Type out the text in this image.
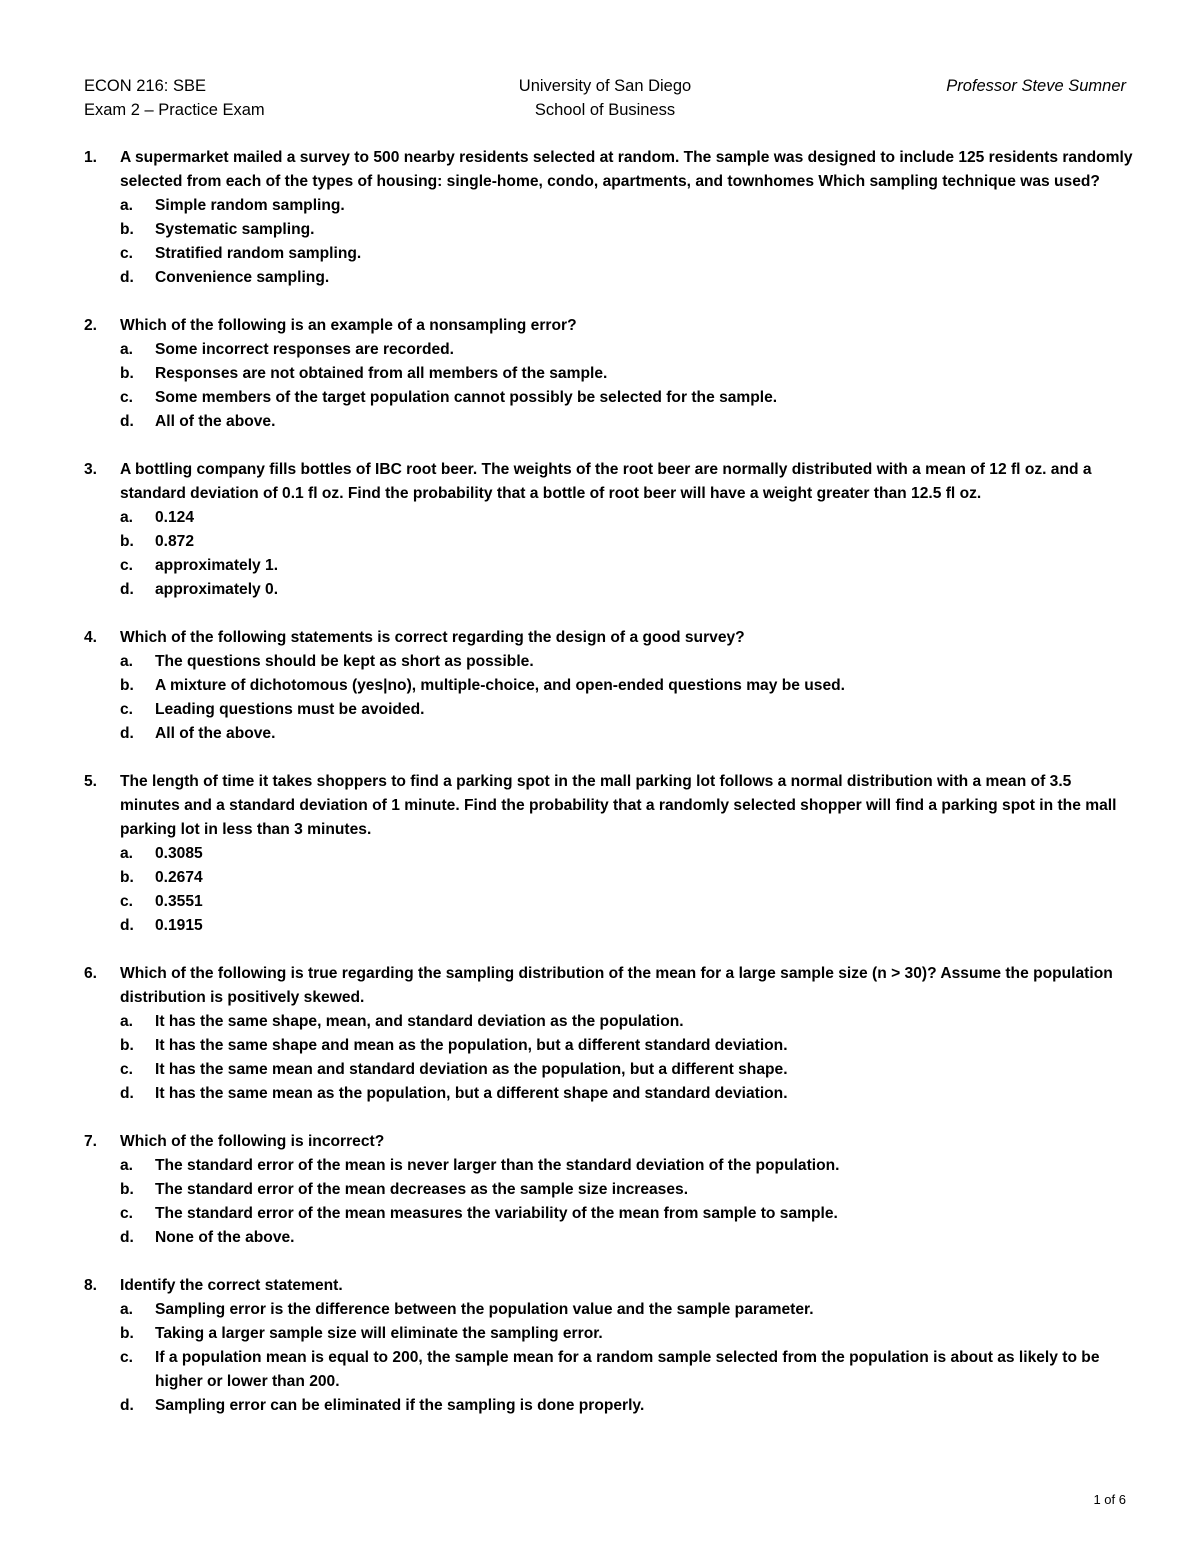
ECON 216: SBE
Exam 2 – Practice Exam
University of San Diego
School of Business
Professor Steve Sumner
1. A supermarket mailed a survey to 500 nearby residents selected at random. The sample was designed to include 125 residents randomly selected from each of the types of housing: single-home, condo, apartments, and townhomes Which sampling technique was used?
a. Simple random sampling.
b. Systematic sampling.
c. Stratified random sampling.
d. Convenience sampling.
2. Which of the following is an example of a nonsampling error?
a. Some incorrect responses are recorded.
b. Responses are not obtained from all members of the sample.
c. Some members of the target population cannot possibly be selected for the sample.
d. All of the above.
3. A bottling company fills bottles of IBC root beer. The weights of the root beer are normally distributed with a mean of 12 fl oz. and a standard deviation of 0.1 fl oz. Find the probability that a bottle of root beer will have a weight greater than 12.5 fl oz.
a. 0.124
b. 0.872
c. approximately 1.
d. approximately 0.
4. Which of the following statements is correct regarding the design of a good survey?
a. The questions should be kept as short as possible.
b. A mixture of dichotomous (yes|no), multiple-choice, and open-ended questions may be used.
c. Leading questions must be avoided.
d. All of the above.
5. The length of time it takes shoppers to find a parking spot in the mall parking lot follows a normal distribution with a mean of 3.5 minutes and a standard deviation of 1 minute. Find the probability that a randomly selected shopper will find a parking spot in the mall parking lot in less than 3 minutes.
a. 0.3085
b. 0.2674
c. 0.3551
d. 0.1915
6. Which of the following is true regarding the sampling distribution of the mean for a large sample size (n > 30)? Assume the population distribution is positively skewed.
a. It has the same shape, mean, and standard deviation as the population.
b. It has the same shape and mean as the population, but a different standard deviation.
c. It has the same mean and standard deviation as the population, but a different shape.
d. It has the same mean as the population, but a different shape and standard deviation.
7. Which of the following is incorrect?
a. The standard error of the mean is never larger than the standard deviation of the population.
b. The standard error of the mean decreases as the sample size increases.
c. The standard error of the mean measures the variability of the mean from sample to sample.
d. None of the above.
8. Identify the correct statement.
a. Sampling error is the difference between the population value and the sample parameter.
b. Taking a larger sample size will eliminate the sampling error.
c. If a population mean is equal to 200, the sample mean for a random sample selected from the population is about as likely to be higher or lower than 200.
d. Sampling error can be eliminated if the sampling is done properly.
1 of 6
